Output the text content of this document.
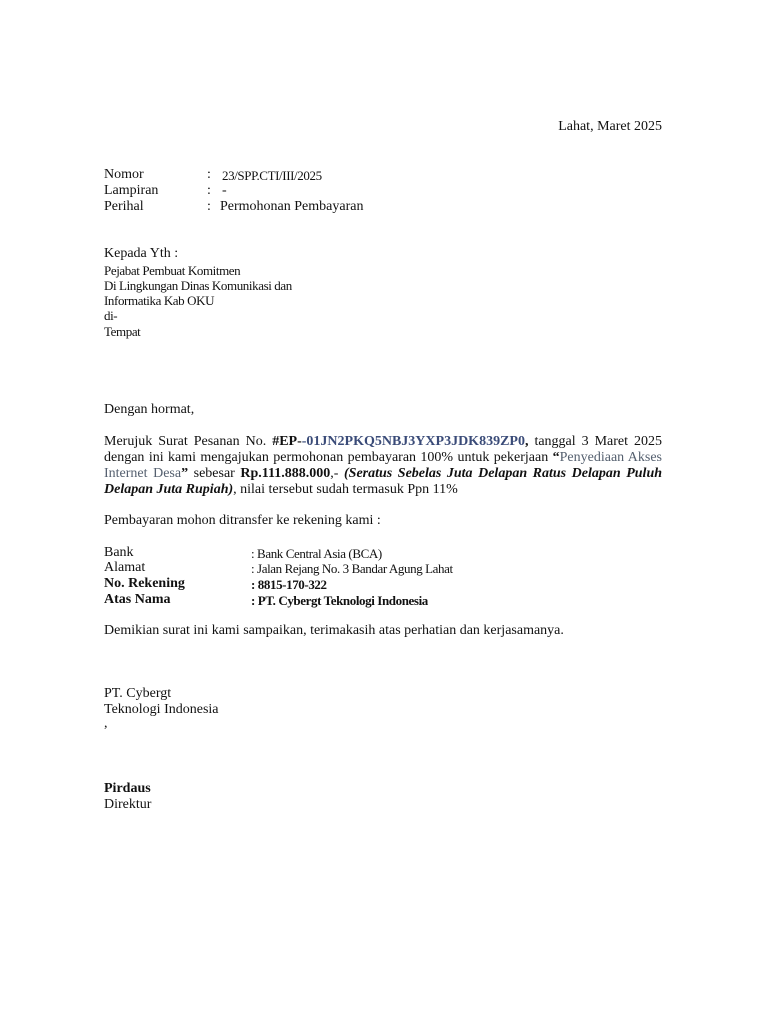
Lahat, Maret 2025
Nomor	: 23/SPP.CTI/III/2025
Lampiran	: -
Perihal	: Permohonan Pembayaran
Kepada Yth :
Pejabat Pembuat Komitmen
Di Lingkungan Dinas Komunikasi dan
Informatika Kab OKU
di-
Tempat
Dengan hormat,
Merujuk Surat Pesanan No. #EP--01JN2PKQ5NBJ3YXP3JDK839ZP0, tanggal 3 Maret 2025
dengan ini kami mengajukan permohonan pembayaran 100% untuk pekerjaan “Penyediaan Akses
Internet Desa” sebesar Rp.111.888.000,- (Seratus Sebelas Juta Delapan Ratus Delapan Puluh
Delapan Juta Rupiah), nilai tersebut sudah termasuk Ppn 11%
Pembayaran mohon ditransfer ke rekening kami :
Bank	: Bank Central Asia (BCA)
Alamat	: Jalan Rejang No. 3 Bandar Agung Lahat
No. Rekening	: 8815-170-322
Atas Nama	: PT. Cybergt Teknologi Indonesia
Demikian surat ini kami sampaikan, terimakasih atas perhatian dan kerjasamanya.
PT. Cybergt
Teknologi Indonesia
,
Pirdaus
Direktur
